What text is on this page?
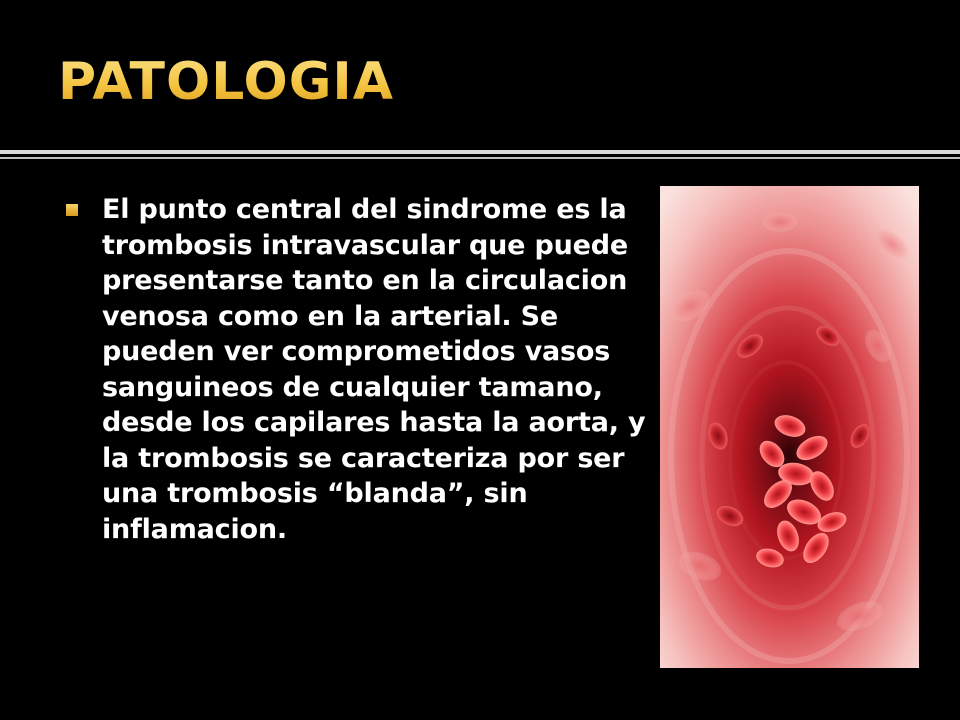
PATOLOGIA

El punto central del sindrome es la trombosis intravascular que puede presentarse tanto en la circulacion venosa como en la arterial. Se pueden ver comprometidos vasos sanguineos de cualquier tamano, desde los capilares hasta la aorta, y la trombosis se caracteriza por ser una trombosis “blanda”, sin inflamacion.
